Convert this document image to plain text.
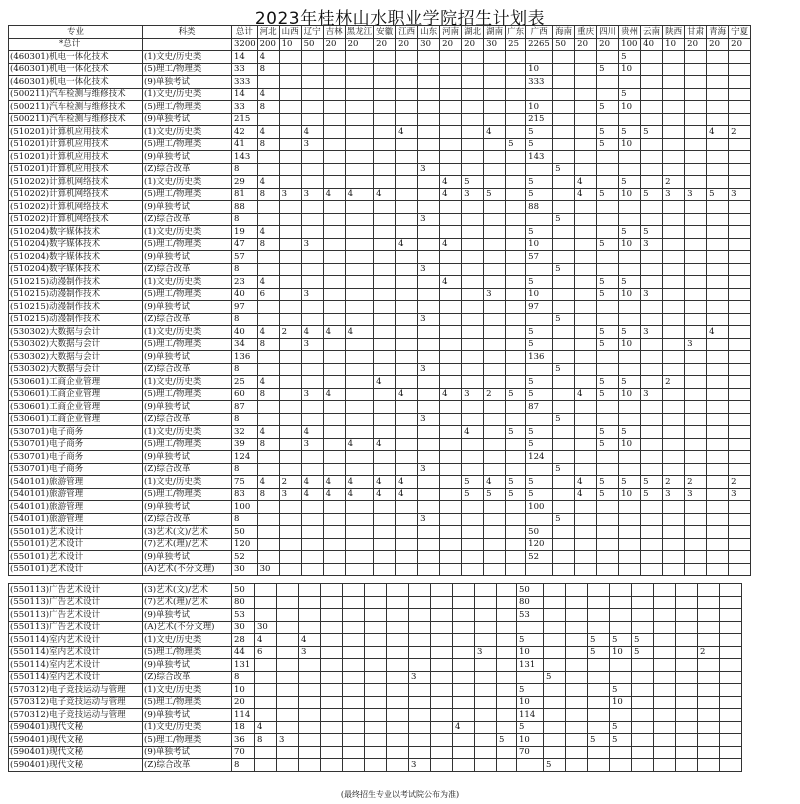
2023年桂林山水职业学院招生计划表
专业	科类	总计	河北	山西	辽宁	吉林	黑龙江	安徽	江西	山东	河南	湖北	湖南	广东	广西	海南	重庆	四川	贵州	云南	陕西	甘肃	青海	宁夏
*总计		3200	200	10	50	20	20	20	20	30	20	20	30	25	2265	50	20	20	100	40	10	20	20	20
(460301)机电一体化技术	(1)文史/历史类	14	4																5					
(460301)机电一体化技术	(5)理工/物理类	33	8												10			5	10					
(460301)机电一体化技术	(9)单独考试	333													333									
(500211)汽车检测与维修技术	(1)文史/历史类	14	4																5					
(500211)汽车检测与维修技术	(5)理工/物理类	33	8												10			5	10					
(500211)汽车检测与维修技术	(9)单独考试	215													215									
(510201)计算机应用技术	(1)文史/历史类	42	4		4				4				4		5			5	5	5			4	2
(510201)计算机应用技术	(5)理工/物理类	41	8		3									5	5			5	10					
(510201)计算机应用技术	(9)单独考试	143													143									
(510201)计算机应用技术	(Z)综合改革	8								3						5								
(510202)计算机网络技术	(1)文史/历史类	29	4								4	5			5		4		5		2			
(510202)计算机网络技术	(5)理工/物理类	81	8	3	3	4	4	4			4	3	5		5		4	5	10	5	3	3	5	3
(510202)计算机网络技术	(9)单独考试	88													88									
(510202)计算机网络技术	(Z)综合改革	8								3						5								
(510204)数字媒体技术	(1)文史/历史类	19	4												5				5	5				
(510204)数字媒体技术	(5)理工/物理类	47	8		3				4		4				10			5	10	3				
(510204)数字媒体技术	(9)单独考试	57													57									
(510204)数字媒体技术	(Z)综合改革	8								3						5								
(510215)动漫制作技术	(1)文史/历史类	23	4								4				5			5	5					
(510215)动漫制作技术	(5)理工/物理类	40	6		3								3		10			5	10	3				
(510215)动漫制作技术	(9)单独考试	97													97									
(510215)动漫制作技术	(Z)综合改革	8								3						5								
(530302)大数据与会计	(1)文史/历史类	40	4	2	4	4	4								5			5	5	3			4	
(530302)大数据与会计	(5)理工/物理类	34	8		3										5			5	10			3		
(530302)大数据与会计	(9)单独考试	136													136									
(530302)大数据与会计	(Z)综合改革	8								3						5								
(530601)工商企业管理	(1)文史/历史类	25	4					4							5			5	5		2			
(530601)工商企业管理	(5)理工/物理类	60	8		3	4			4		4	3	2	5	5		4	5	10	3				
(530601)工商企业管理	(9)单独考试	87													87									
(530601)工商企业管理	(Z)综合改革	8								3						5								
(530701)电子商务	(1)文史/历史类	32	4		4							4		5	5			5	5					
(530701)电子商务	(5)理工/物理类	39	8		3		4	4							5			5	10					
(530701)电子商务	(9)单独考试	124													124									
(530701)电子商务	(Z)综合改革	8								3						5								
(540101)旅游管理	(1)文史/历史类	75	4	2	4	4	4	4	4			5	4	5	5		4	5	5	5	2	2		2
(540101)旅游管理	(5)理工/物理类	83	8	3	4	4	4	4	4			5	5	5	5		4	5	10	5	3	3		3
(540101)旅游管理	(9)单独考试	100													100									
(540101)旅游管理	(Z)综合改革	8								3						5								
(550101)艺术设计	(3)艺术(文)/艺术	50													50									
(550101)艺术设计	(7)艺术(理)/艺术	120													120									
(550101)艺术设计	(9)单独考试	52													52									
(550101)艺术设计	(A)艺术(不分文理)	30	30																					
(550113)广告艺术设计	(3)艺术(文)/艺术	50													50									
(550113)广告艺术设计	(7)艺术(理)/艺术	80													80									
(550113)广告艺术设计	(9)单独考试	53													53									
(550113)广告艺术设计	(A)艺术(不分文理)	30	30																					
(550114)室内艺术设计	(1)文史/历史类	28	4		4										5			5	5	5				
(550114)室内艺术设计	(5)理工/物理类	44	6		3								3		10			5	10	5			2	
(550114)室内艺术设计	(9)单独考试	131													131									
(550114)室内艺术设计	(Z)综合改革	8								3						5								
(570312)电子竞技运动与管理	(1)文史/历史类	10													5				5					
(570312)电子竞技运动与管理	(5)理工/物理类	20													10				10					
(570312)电子竞技运动与管理	(9)单独考试	114													114									
(590401)现代文秘	(1)文史/历史类	18	4									4			5				5					
(590401)现代文秘	(5)理工/物理类	36	8	3										5	10			5	5					
(590401)现代文秘	(9)单独考试	70													70									
(590401)现代文秘	(Z)综合改革	8								3						5								
(最终招生专业以考试院公布为准)
